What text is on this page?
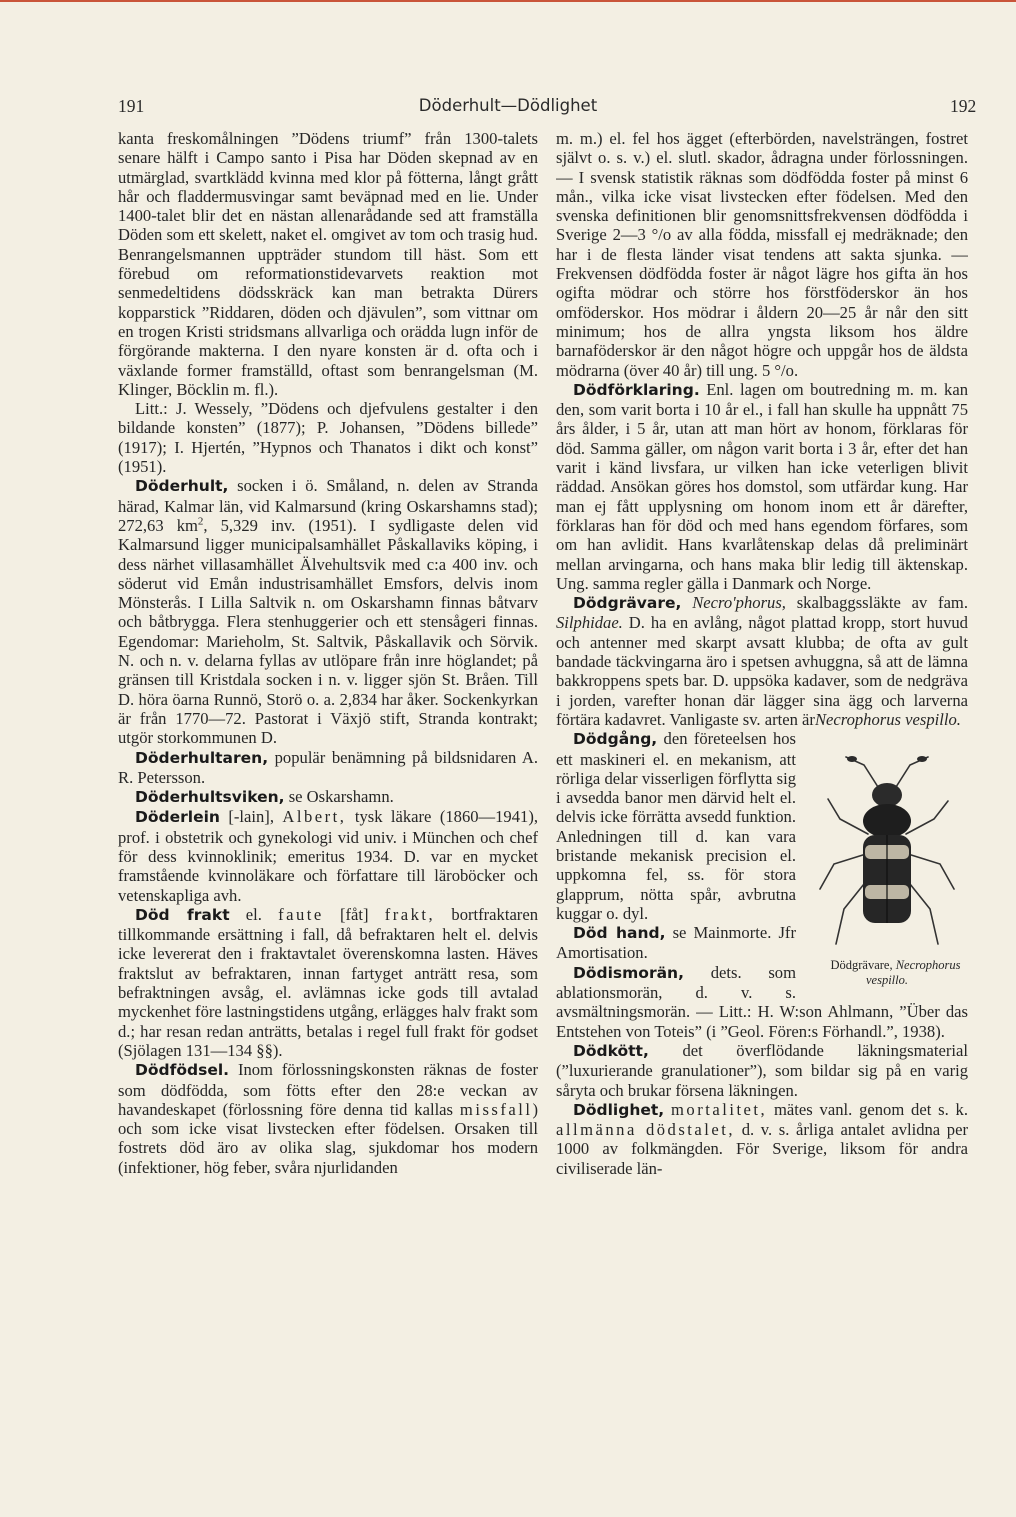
191	Döderhult—Dödlighet	192

kanta freskomålningen ”Dödens triumf” från 1300-talets senare hälft i Campo santo i Pisa har Döden skepnad av en utmärglad, svartklädd kvinna med klor på fötterna, långt grått hår och fladdermusvingar samt beväpnad med en lie. Under 1400-talet blir det en nästan allenarådande sed att framställa Döden som ett skelett, naket el. omgivet av tom och trasig hud. Benrangelsmannen uppträder stundom till häst. Som ett förebud om reformationstidevarvets reaktion mot senmedeltidens dödsskräck kan man betrakta Dürers kopparstick ”Riddaren, döden och djävulen”, som vittnar om en trogen Kristi stridsmans allvarliga och orädda lugn inför de förgörande makterna. I den nyare konsten är d. ofta och i växlande former framställd, oftast som benrangelsman (M. Klinger, Böcklin m. fl.).

Litt.: J. Wessely, ”Dödens och djefvulens gestalter i den bildande konsten” (1877); P. Johansen, ”Dödens billede” (1917); I. Hjertén, ”Hypnos och Thanatos i dikt och konst” (1951).

Döderhult, socken i ö. Småland, n. delen av Stranda härad, Kalmar län, vid Kalmarsund (kring Oskarshamns stad); 272,63 $km^2$, 5,329 inv. (1951). I sydligaste delen vid Kalmarsund ligger municipalsamhället Påskallaviks köping, i dess närhet villasamhället Älvehultsvik med c:a 400 inv. och söderut vid Emån industrisamhället Emsfors, delvis inom Mönsterås. I Lilla Saltvik n. om Oskarshamn finnas båtvarv och båtbrygga. Flera stenhuggerier och ett stensågeri finnas. Egendomar: Marieholm, St. Saltvik, Påskallavik och Sörvik. N. och n. v. delarna fyllas av utlöpare från inre höglandet; på gränsen till Kristdala socken i n. v. ligger sjön St. Bråen. Till D. höra öarna Runnö, Storö o. a. 2,834 har åker. Sockenkyrkan är från 1770—72. Pastorat i Växjö stift, Stranda kontrakt; utgör storkommunen D.

Döderhultaren, populär benämning på bildsnidaren A. R. Petersson.

Döderhultsviken, se Oskarshamn.

Döderlein [-lain], Albert, tysk läkare (1860—1941), prof. i obstetrik och gynekologi vid univ. i München och chef för dess kvinnoklinik; emeritus 1934. D. var en mycket framstående kvinnoläkare och författare till läroböcker och vetenskapliga avh.

Död frakt el. faute [fåt] frakt, bortfraktaren tillkommande ersättning i fall, då befraktaren helt el. delvis icke levererat den i fraktavtalet överenskomna lasten. Häves fraktslut av befraktaren, innan fartyget anträtt resa, som befraktningen avsåg, el. avlämnas icke gods till avtalad myckenhet före lastningstidens utgång, erlägges halv frakt som d.; har resan redan anträtts, betalas i regel full frakt för godset (Sjölagen 131—134 §§).

Dödfödsel. Inom förlossningskonsten räknas de foster som dödfödda, som fötts efter den 28:e veckan av havandeskapet (förlossning före denna tid kallas missfall) och som icke visat livstecken efter födelsen. Orsaken till fostrets död äro av olika slag, sjukdomar hos modern (infektioner, hög feber, svåra njurlidanden

m. m.) el. fel hos ägget (efterbörden, navelsträngen, fostret självt o. s. v.) el. slutl. skador, ådragna under förlossningen. — I svensk statistik räknas som dödfödda foster på minst 6 mån., vilka icke visat livstecken efter födelsen. Med den svenska definitionen blir genomsnittsfrekvensen dödfödda i Sverige 2—3 °/o av alla födda, missfall ej medräknade; den har i de flesta länder visat tendens att sakta sjunka. — Frekvensen dödfödda foster är något lägre hos gifta än hos ogifta mödrar och större hos förstföderskor än hos omföderskor. Hos mödrar i åldern 20—25 år når den sitt minimum; hos de allra yngsta liksom hos äldre barnaföderskor är den något högre och uppgår hos de äldsta mödrarna (över 40 år) till ung. 5 °/o.

Dödförklaring. Enl. lagen om boutredning m. m. kan den, som varit borta i 10 år el., i fall han skulle ha uppnått 75 års ålder, i 5 år, utan att man hört av honom, förklaras för död. Samma gäller, om någon varit borta i 3 år, efter det han varit i känd livsfara, ur vilken han icke veterligen blivit räddad. Ansökan göres hos domstol, som utfärdar kung. Har man ej fått upplysning om honom inom ett år därefter, förklaras han för död och med hans egendom förfares, som om han avlidit. Hans kvarlåtenskap delas då preliminärt mellan arvingarna, och hans maka blir ledig till äktenskap. Ung. samma regler gälla i Danmark och Norge.

Dödgrävare, Necro'phorus, skalbaggssläkte av fam. Silphidae. D. ha en avlång, något plattad kropp, stort huvud och antenner med skarpt avsatt klubba; de ofta av gult bandade täckvingarna äro i spetsen avhuggna, så att de lämna bakkroppens spets bar. D. uppsöka kadaver, som de nedgräva i jorden, varefter honan där lägger sina ägg och larverna förtära kadavret. Vanligaste sv. arten är
Dödgrävare, Necrophorus vespillo.
Necrophorus vespillo.

Dödgång, den företeelsen hos ett maskineri el. en mekanism, att rörliga delar visserligen förflytta sig i avsedda banor men därvid helt el. delvis icke förrätta avsedd funktion. Anledningen till d. kan vara bristande mekanisk precision el. uppkomna fel, ss. för stora glapprum, nötta spår, avbrutna kuggar o. dyl.

Död hand, se Mainmorte. Jfr Amortisation.

Dödismorän, dets. som ablationsmorän, d. v. s. avsmältningsmorän. — Litt.: H. W:son Ahlmann, ”Über das Entstehen von Toteis” (i ”Geol. Fören:s Förhandl.”, 1938).

Dödkött, det överflödande läkningsmaterial (”luxurierande granulationer”), som bildar sig på en varig såryta och brukar försena läkningen.

Dödlighet, mortalitet, mätes vanl. genom det s. k. allmänna dödstalet, d. v. s. årliga antalet avlidna per 1000 av folkmängden. För Sverige, liksom för andra civiliserade län-
